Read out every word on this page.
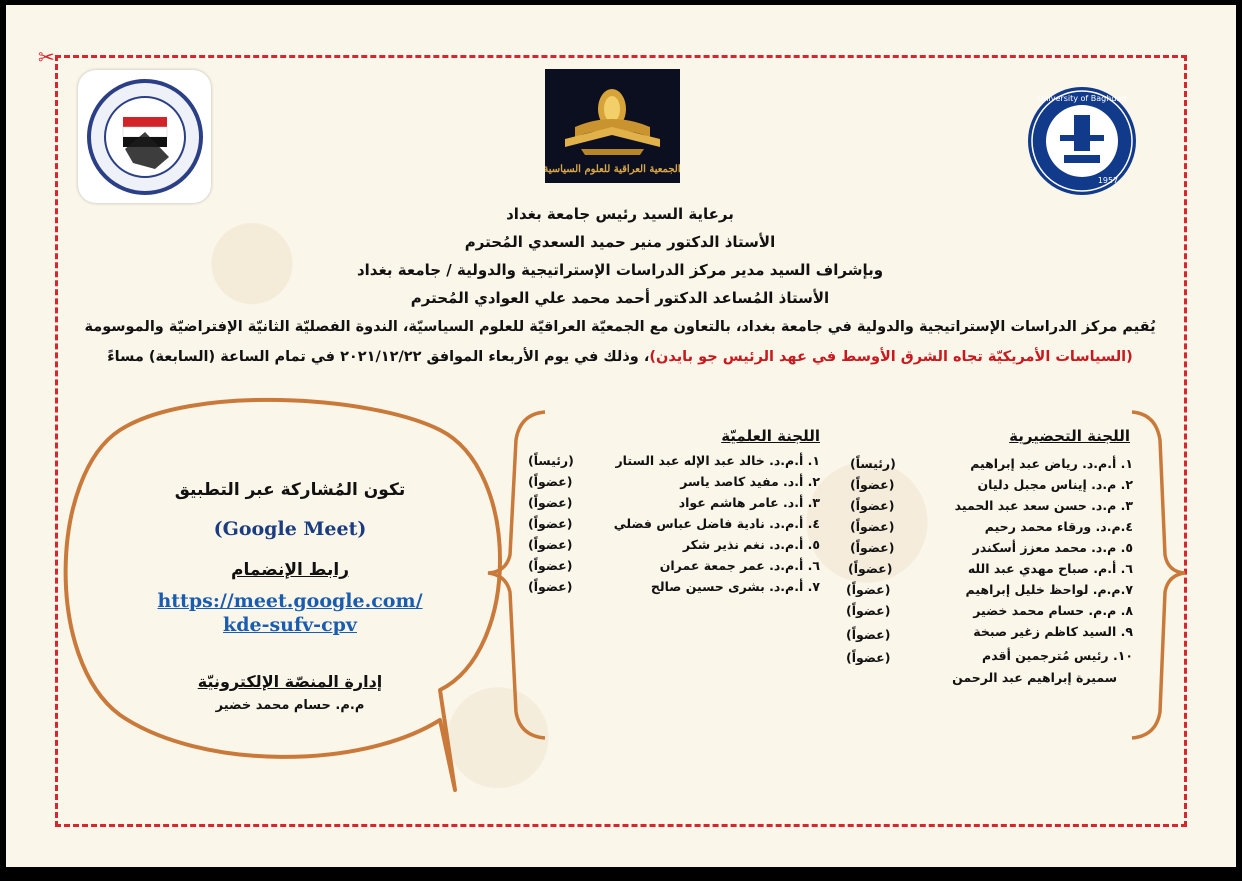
✂
الجمعية العراقية للعلوم السياسية
University of Baghdad
1957
برعاية السيد رئيس جامعة بغداد
الأستاذ الدكتور منير حميد السعدي المُحترم
وبإشراف السيد مدير مركز الدراسات الإستراتيجية والدولية / جامعة بغداد
الأستاذ المُساعد الدكتور أحمد محمد علي العوادي المُحترم
يُقيم مركز الدراسات الإستراتيجية والدولية في جامعة بغداد، بالتعاون مع الجمعيّة العراقيّة للعلوم السياسيّة، الندوة الفصليّة الثانيّة الإفتراضيّة والموسومة
(السياسات الأمريكيّة تجاه الشرق الأوسط في عهد الرئيس جو بايدن)، وذلك في يوم الأربعاء الموافق ٢٠٢١/١٢/٢٢ في تمام الساعة (السابعة) مساءً
تكون المُشاركة عبر التطبيق
(Google Meet)
رابط الإنضمام
https://meet.google.com/
kde-sufv-cpv
إدارة المنصّة الإلكترونيّة
م.م. حسام محمد خضير
اللجنة التحضيرية
١. أ.م.د. رياض عبد إبراهيم
٢. م.د. إيناس مجبل دليان
٣. م.د. حسن سعد عبد الحميد
٤.م.د. ورقاء محمد رحيم
٥. م.د. محمد معزز أسكندر
٦. أ.م. صباح مهدي عبد الله
٧.م.م. لواحظ خليل إبراهيم
٨. م.م. حسام محمد خضير
٩. السيد كاظم زغير صبخة
١٠. رئيس مُترجمين أقدم
سميرة إبراهيم عبد الرحمن
(رئيساً)
(عضواً)
(عضواً)
(عضواً)
(عضواً)
(عضواً)
(عضواً)
(عضواً)
(عضواً)
(عضواً)
اللجنة العلميّة
١. أ.م.د. خالد عبد الإله عبد الستار
٢. أ.د. مفيد كاصد ياسر
٣. أ.د. عامر هاشم عواد
٤. أ.م.د. نادية فاضل عباس فضلي
٥. أ.م.د. نغم نذير شكر
٦. أ.م.د. عمر جمعة عمران
٧. أ.م.د. بشرى حسين صالح
(رئيساً)
(عضواً)
(عضواً)
(عضواً)
(عضواً)
(عضواً)
(عضواً)
